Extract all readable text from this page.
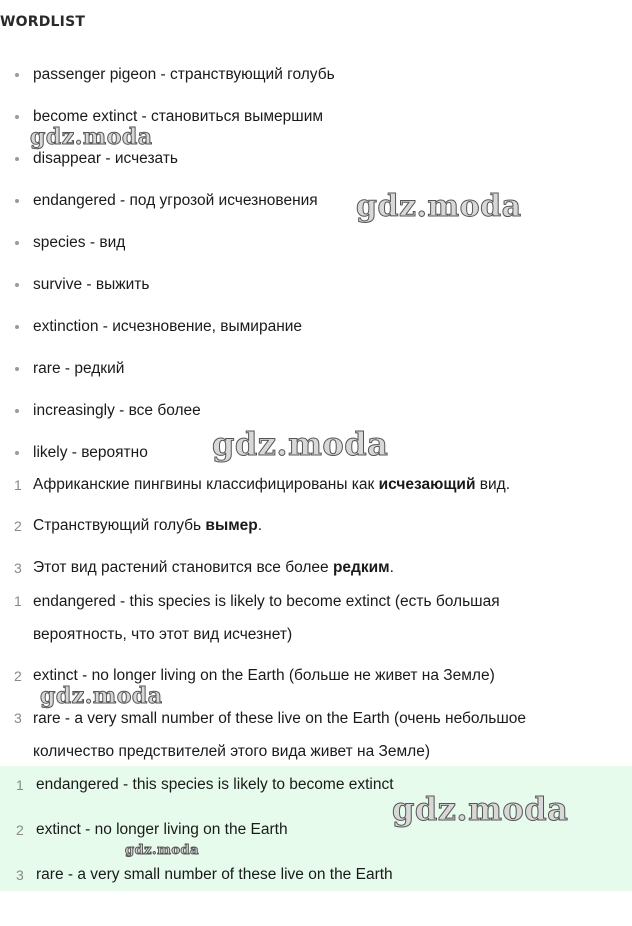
WORDLIST
passenger pigeon - странствующий голубь
become extinct - становиться вымершим
disappear - исчезать
endangered - под угрозой исчезновения
species - вид
survive - выжить
extinction - исчезновение, вымирание
rare - редкий
increasingly - все более
likely - вероятно
1 Африканские пингвины классифицированы как исчезающий вид.
2 Странствующий голубь вымер.
3 Этот вид растений становится все более редким.
1 endangered - this species is likely to become extinct (есть большая вероятность, что этот вид исчезнет)
2 extinct - no longer living on the Earth (больше не живет на Земле)
3 rare - a very small number of these live on the Earth (очень небольшое количество предствителей этого вида живет на Земле)
1 endangered - this species is likely to become extinct
2 extinct - no longer living on the Earth
3 rare - a very small number of these live on the Earth
gdz.moda
gdz.moda
gdz.moda
gdz.moda
gdz.moda
gdz.moda
